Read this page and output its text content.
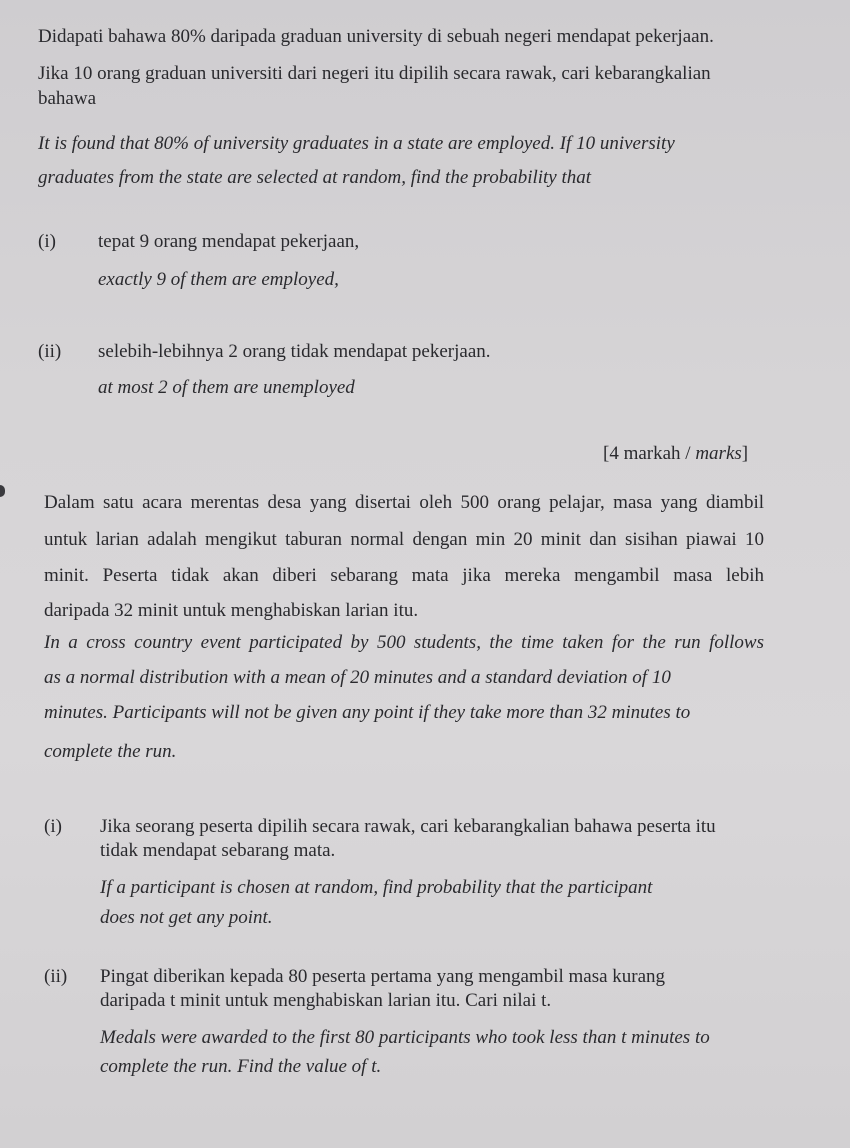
Didapati bahawa 80% daripada graduan university di sebuah negeri mendapat pekerjaan.
Jika 10 orang graduan universiti dari negeri itu dipilih secara rawak, cari kebarangkalian
bahawa
It is found that 80% of university graduates in a state are employed. If 10 university
graduates from the state are selected at random, find the probability that
(i) tepat 9 orang mendapat pekerjaan,
exactly 9 of them are employed,
(ii) selebih-lebihnya 2 orang tidak mendapat pekerjaan.
at most 2 of them are unemployed
[4 markah / marks]
Dalam satu acara merentas desa yang disertai oleh 500 orang pelajar, masa yang diambil
untuk larian adalah mengikut taburan normal dengan min 20 minit dan sisihan piawai 10
minit. Peserta tidak akan diberi sebarang mata jika mereka mengambil masa lebih
daripada 32 minit untuk menghabiskan larian itu.
In a cross country event participated by 500 students, the time taken for the run follows
as a normal distribution with a mean of 20 minutes and a standard deviation of 10
minutes. Participants will not be given any point if they take more than 32 minutes to
complete the run.
(i) Jika seorang peserta dipilih secara rawak, cari kebarangkalian bahawa peserta itu
tidak mendapat sebarang mata.
If a participant is chosen at random, find probability that the participant
does not get any point.
(ii) Pingat diberikan kepada 80 peserta pertama yang mengambil masa kurang
daripada t minit untuk menghabiskan larian itu. Cari nilai t.
Medals were awarded to the first 80 participants who took less than t minutes to
complete the run. Find the value of t.
